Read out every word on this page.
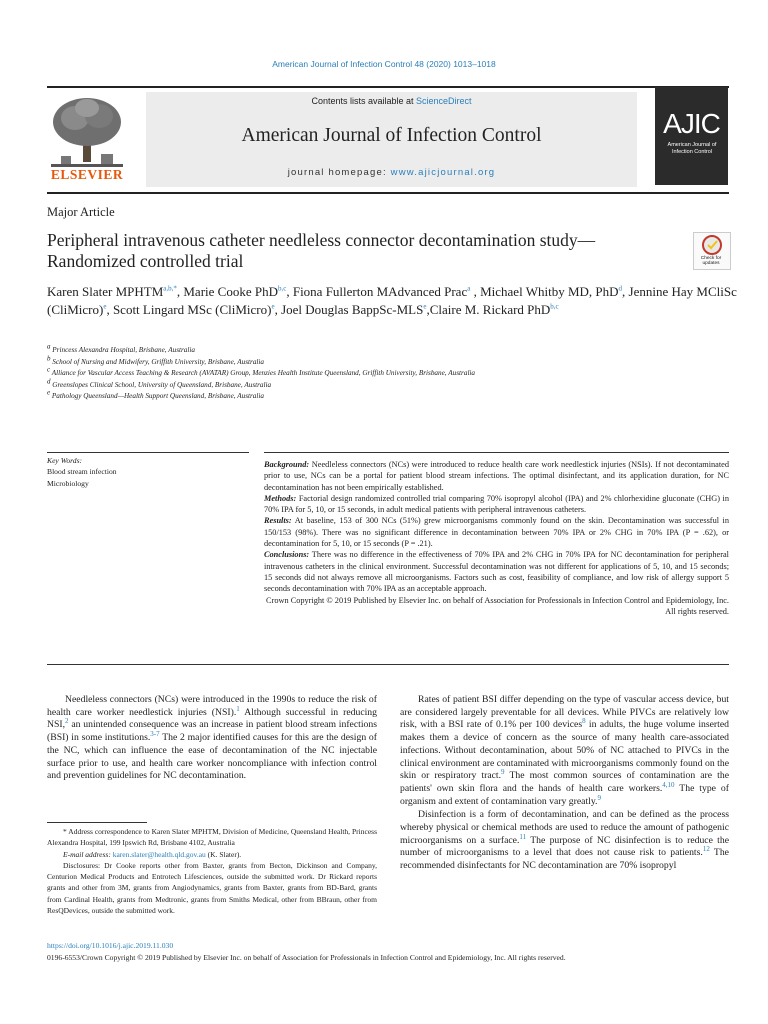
American Journal of Infection Control 48 (2020) 1013–1018
ELSEVIER
Contents lists available at ScienceDirect
American Journal of Infection Control
journal homepage: www.ajicjournal.org
AJIC
American Journal of Infection Control
Major Article
Peripheral intravenous catheter needleless connector decontamination study—Randomized controlled trial	Check for updates
Karen Slater $MPHTM^{a,b,*}$, Marie Cooke PhD$^{b,c}$, Fiona Fullerton MAdvanced Prac$^a$ , Michael Whitby MD, PhD$^d$, Jennine Hay MCliSc (CliMicro)$^e$, Scott Lingard MSc (CliMicro)$^e$, Joel Douglas BappSc-MLS$^e$,Claire M. Rickard PhD$^{b,c}$
$^a$ Princess Alexandra Hospital, Brisbane, Australia
$^b$ School of Nursing and Midwifery, Griffith University, Brisbane, Australia
$^c$ Alliance for Vascular Access Teaching & Research (AVATAR) Group, Menzies Health Institute Queensland, Griffith University, Brisbane, Australia
$^d$ Greenslopes Clinical School, University of Queensland, Brisbane, Australia
$^e$ Pathology Queensland—Health Support Queensland, Brisbane, Australia
Key Words:
Blood stream infection
Microbiology
Background: Needleless connectors (NCs) were introduced to reduce health care work needlestick injuries (NSIs). If not decontaminated prior to use, NCs can be a portal for patient blood stream infections. The optimal disinfectant, and its application duration, for NC decontamination has not been empirically established.
Methods: Factorial design randomized controlled trial comparing 70% isopropyl alcohol (IPA) and 2% chlorhexidine gluconate (CHG) in 70% IPA for 5, 10, or 15 seconds, in adult medical patients with peripheral intravenous catheters.
Results: At baseline, 153 of 300 NCs (51%) grew microorganisms commonly found on the skin. Decontamination was successful in 150/153 (98%). There was no significant difference in decontamination between 70% IPA or 2% CHG in 70% IPA (P = .62), or decontamination for 5, 10, or 15 seconds (P = .21).
Conclusions: There was no difference in the effectiveness of 70% IPA and 2% CHG in 70% IPA for NC decontamination for peripheral intravenous catheters in the clinical environment. Successful decontamination was not different for applications of 5, 10, and 15 seconds; 15 seconds did not always remove all microorganisms. Factors such as cost, feasibility of compliance, and low risk of allergy support 5 seconds decontamination with 70% IPA as an acceptable approach.
Crown Copyright © 2019 Published by Elsevier Inc. on behalf of Association for Professionals in Infection Control and Epidemiology, Inc. All rights reserved.

Needleless connectors (NCs) were introduced in the 1990s to reduce the risk of health care worker needlestick injuries (NSI).$^1$ Although successful in reducing NSI,$^2$ an unintended consequence was an increase in patient blood stream infections (BSI) in some institutions.$^{3-7}$ The 2 major identified causes for this are the design of the NC, which can influence the ease of decontamination of the NC injectable surface prior to use, and health care worker noncompliance with infection control and prevention guidelines for NC decontamination.

* Address correspondence to Karen Slater MPHTM, Division of Medicine, Queensland Health, Princess Alexandra Hospital, 199 Ipswich Rd, Brisbane 4102, Australia
E-mail address: karen.slater@health.qld.gov.au (K. Slater).
Disclosures: Dr Cooke reports other from Baxter, grants from Becton, Dickinson and Company, Centurion Medical Products and Entrotech Lifesciences, outside the submitted work. Dr Rickard reports grants and other from 3M, grants from Angiodynamics, grants from Baxter, grants from BD-Bard, grants from Cardinal Health, grants from Medtronic, grants from Smiths Medical, other from BBraun, other from ResQDevices, outside the submitted work.

Rates of patient BSI differ depending on the type of vascular access device, but are considered largely preventable for all devices. While PIVCs are relatively low risk, with a BSI rate of 0.1% per 100 devices$^8$ in adults, the huge volume inserted makes them a device of concern as the source of many health care-associated infections. Without decontamination, about 50% of NC attached to PIVCs in the clinical environment are contaminated with microorganisms commonly found on the skin or respiratory tract.$^9$ The most common sources of contamination are the patients' own skin flora and the hands of health care workers.$^{4,10}$ The type of organism and extent of contamination vary greatly.$^9$

Disinfection is a form of decontamination, and can be defined as the process whereby physical or chemical methods are used to reduce the amount of pathogenic microorganisms on a surface.$^{11}$ The purpose of NC disinfection is to reduce the number of microorganisms to a level that does not cause risk to patients.$^{12}$ The recommended disinfectants for NC decontamination are 70% isopropyl

https://doi.org/10.1016/j.ajic.2019.11.030
0196-6553/Crown Copyright © 2019 Published by Elsevier Inc. on behalf of Association for Professionals in Infection Control and Epidemiology, Inc. All rights reserved.
